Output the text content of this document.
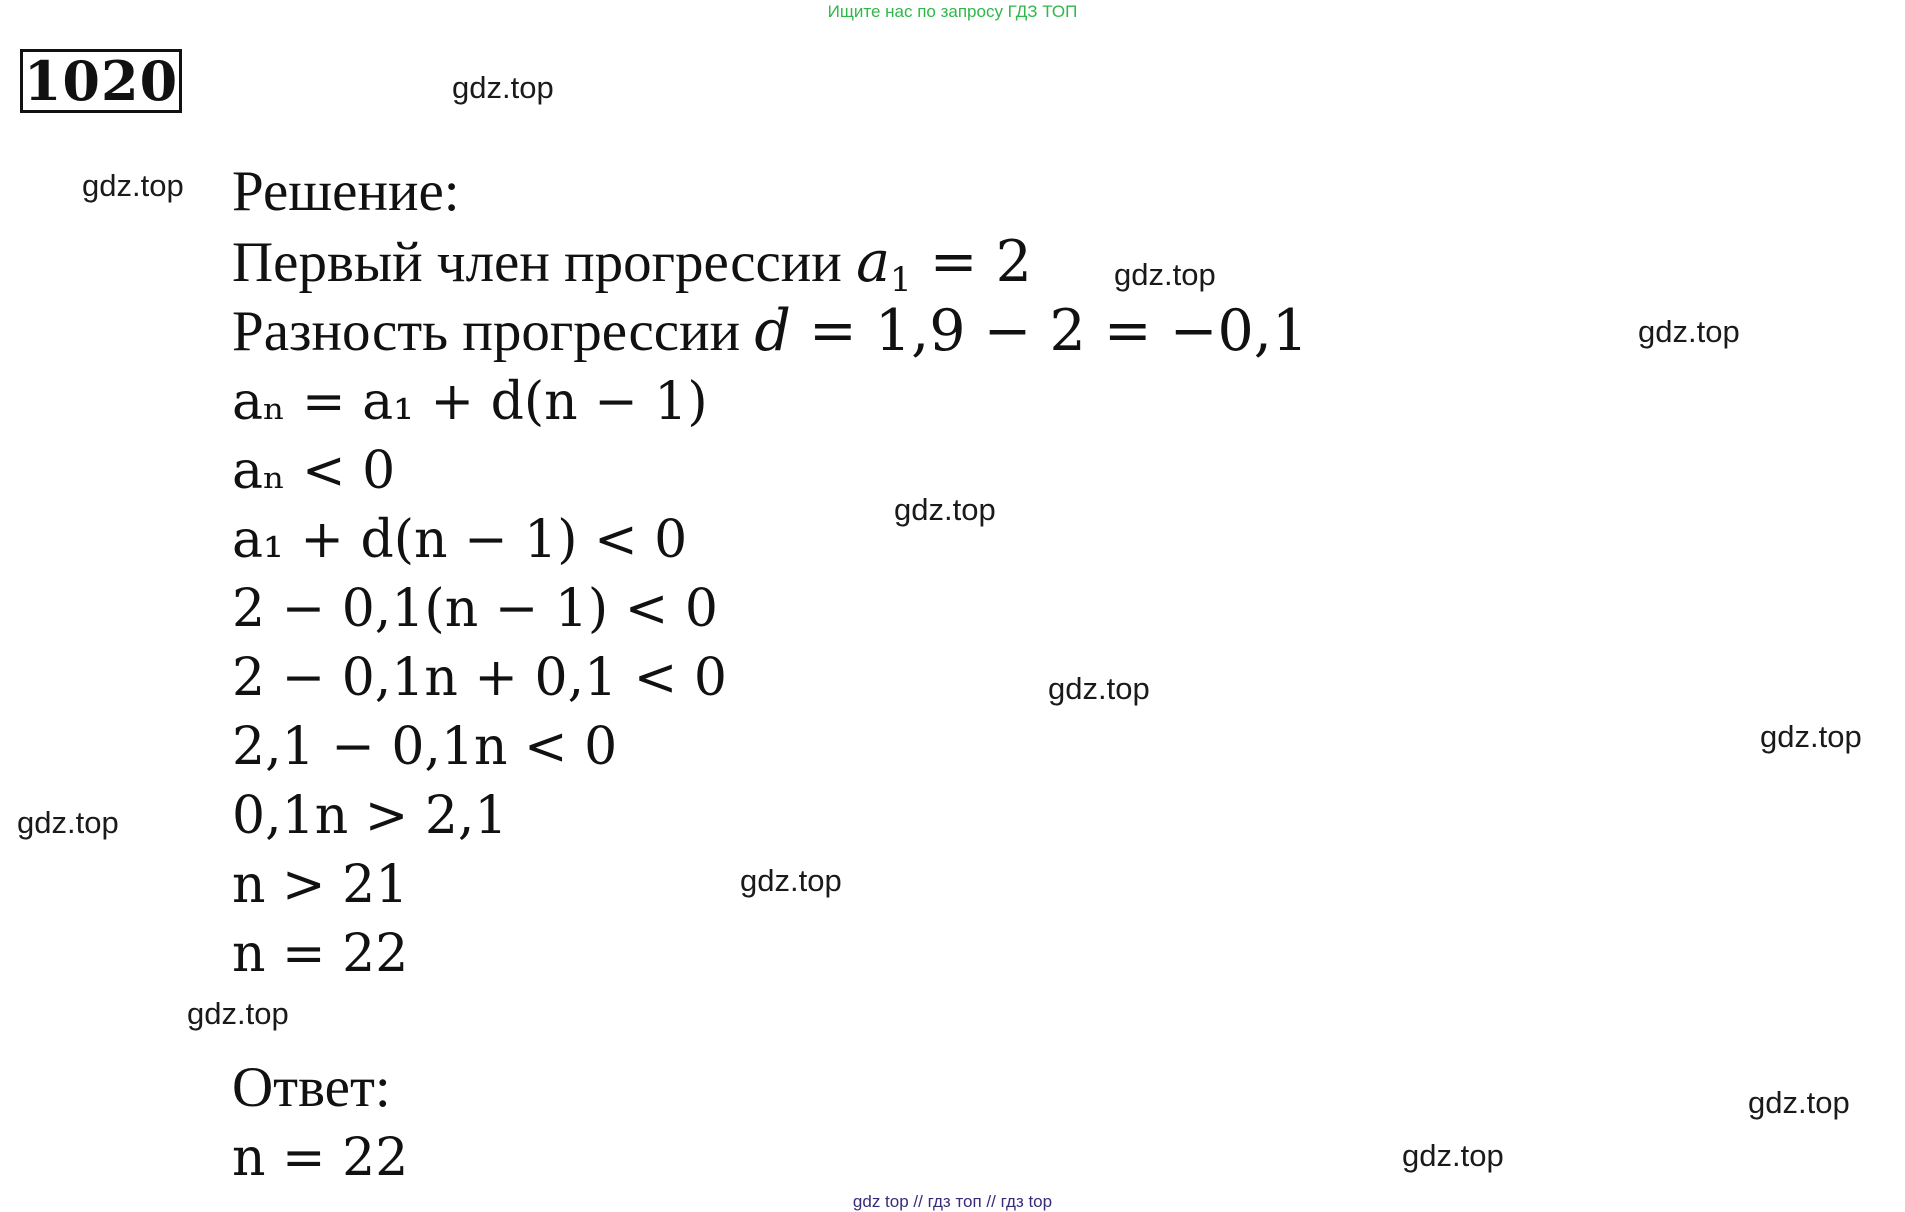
Ищите нас по запросу ГДЗ ТОП
1020	gdz.top
gdz.top
gdz.top
gdz.top
gdz.top
gdz.top
gdz.top
gdz.top
gdz.top
gdz.top
gdz.top
gdz.top
Решение:
Первый член прогрессии $a_1 = 2$
Разность прогрессии d = 1,9 − 2 = −0,1
aₙ = a₁ + d(n − 1)
aₙ < 0
a₁ + d(n − 1) < 0
2 − 0,1(n − 1) < 0
2 − 0,1n + 0,1 < 0
2,1 − 0,1n < 0
0,1n > 2,1
n > 21
n = 22
Ответ:
n = 22
gdz top // гдз топ // гдз top
